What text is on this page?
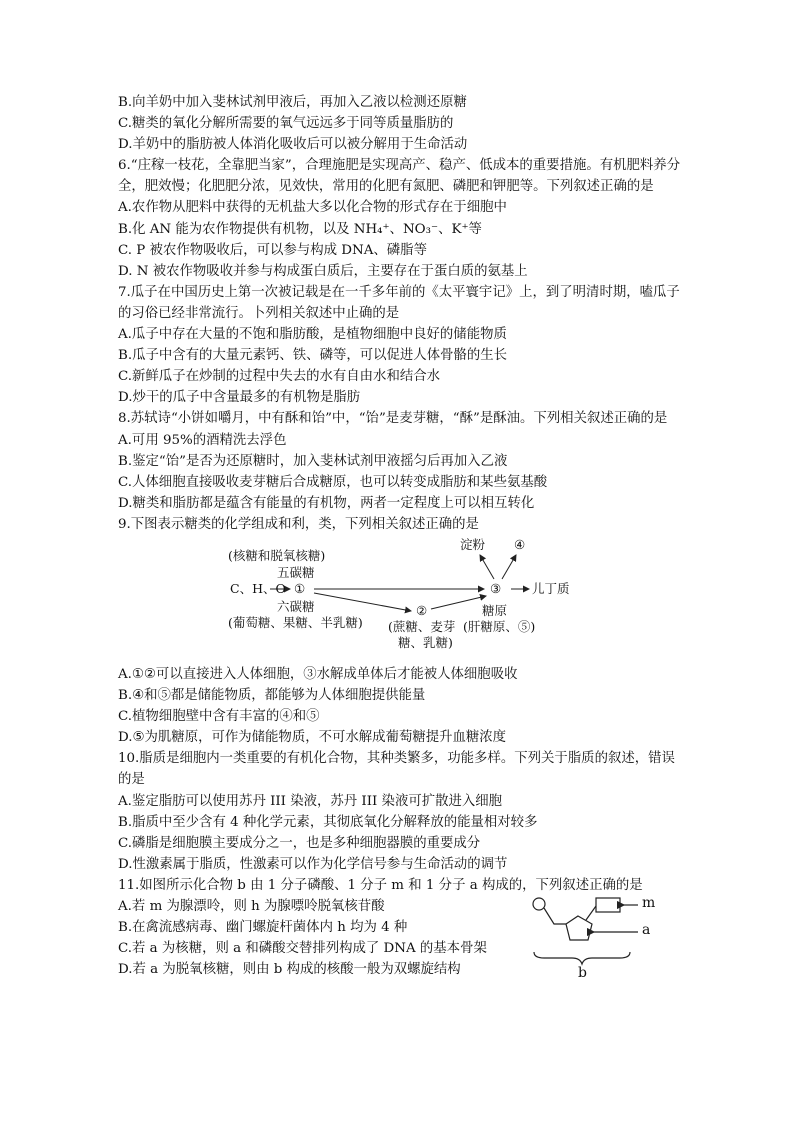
B.向羊奶中加入斐林试剂甲液后，再加入乙液以检测还原糖
C.糖类的氧化分解所需要的氧气远远多于同等质量脂肪的
D.羊奶中的脂肪被人体消化吸收后可以被分解用于生命活动
6.“庄稼一枝花，全靠肥当家”，合理施肥是实现高产、稳产、低成本的重要措施。有机肥料养分全，肥效慢；化肥肥分浓，见效快，常用的化肥有氮肥、磷肥和钾肥等。下列叙述正确的是
A.农作物从肥料中获得的无机盐大多以化合物的形式存在于细胞中
B.化 AN 能为农作物提供有机物，以及 NH₄⁺、NO₃⁻、K⁺等
C. P 被农作物吸收后，可以参与构成 DNA、磷脂等
D. N 被农作物吸收并参与构成蛋白质后，主要存在于蛋白质的氨基上
7.瓜子在中国历史上第一次被记载是在一千多年前的《太平寰宇记》上，到了明清时期，嗑瓜子的习俗已经非常流行。卜列相关叙述中止确的是
A.瓜子中存在大量的不饱和脂肪酸，是植物细胞中良好的储能物质
B.瓜子中含有的大量元素钙、铁、磷等，可以促进人体骨骼的生长
C.新鲜瓜子在炒制的过程中失去的水有自由水和结合水
D.炒干的瓜子中含量最多的有机物是脂肪
8.苏轼诗“小饼如嚼月，中有酥和饴”中，“饴”是麦芽糖，“酥”是酥油。下列相关叙述正确的是
A.可用 95%的酒精洗去浮色
B.鉴定“饴”是否为还原糖时，加入斐林试剂甲液摇匀后再加入乙液
C.人体细胞直接吸收麦芽糖后合成糖原，也可以转变成脂肪和某些氨基酸
D.糖类和脂肪都是蕴含有能量的有机物，两者一定程度上可以相互转化
9.下图表示糖类的化学组成和利，类，下列相关叙述正确的是
(核糖和脱氧核糖)
五碳糖
C、H、O ①
六碳糖
(葡萄糖、果糖、半乳糖)
②
(蔗糖、麦芽
糖、乳糖)
③ 儿丁质
淀粉 ④
糖原
(肝糖原、⑤)
A.①②可以直接进入人体细胞，③水解成单体后才能被人体细胞吸收
B.④和⑤都是储能物质，都能够为人体细胞提供能量
C.植物细胞壁中含有丰富的④和⑤
D.⑤为肌糖原，可作为储能物质，不可水解成葡萄糖提升血糖浓度
10.脂质是细胞内一类重要的有机化合物，其种类繁多，功能多样。下列关于脂质的叙述，错误的是
A.鉴定脂肪可以使用苏丹 III 染液，苏丹 III 染液可扩散进入细胞
B.脂质中至少含有 4 种化学元素，其彻底氧化分解释放的能量相对较多
C.磷脂是细胞膜主要成分之一，也是多种细胞器膜的重要成分
D.性激素属于脂质，性激素可以作为化学信号参与生命活动的调节
11.如图所示化合物 b 由 1 分子磷酸、1 分子 m 和 1 分子 a 构成的，下列叙述正确的是
A.若 m 为腺漂呤，则 h 为腺嘌呤脱氧核苷酸
B.在禽流感病毒、幽门螺旋杆菌体内 h 均为 4 种
C.若 a 为核糖，则 a 和磷酸交替排列构成了 DNA 的基本骨架
D.若 a 为脱氧核糖，则由 b 构成的核酸一般为双螺旋结构
m
a
b
